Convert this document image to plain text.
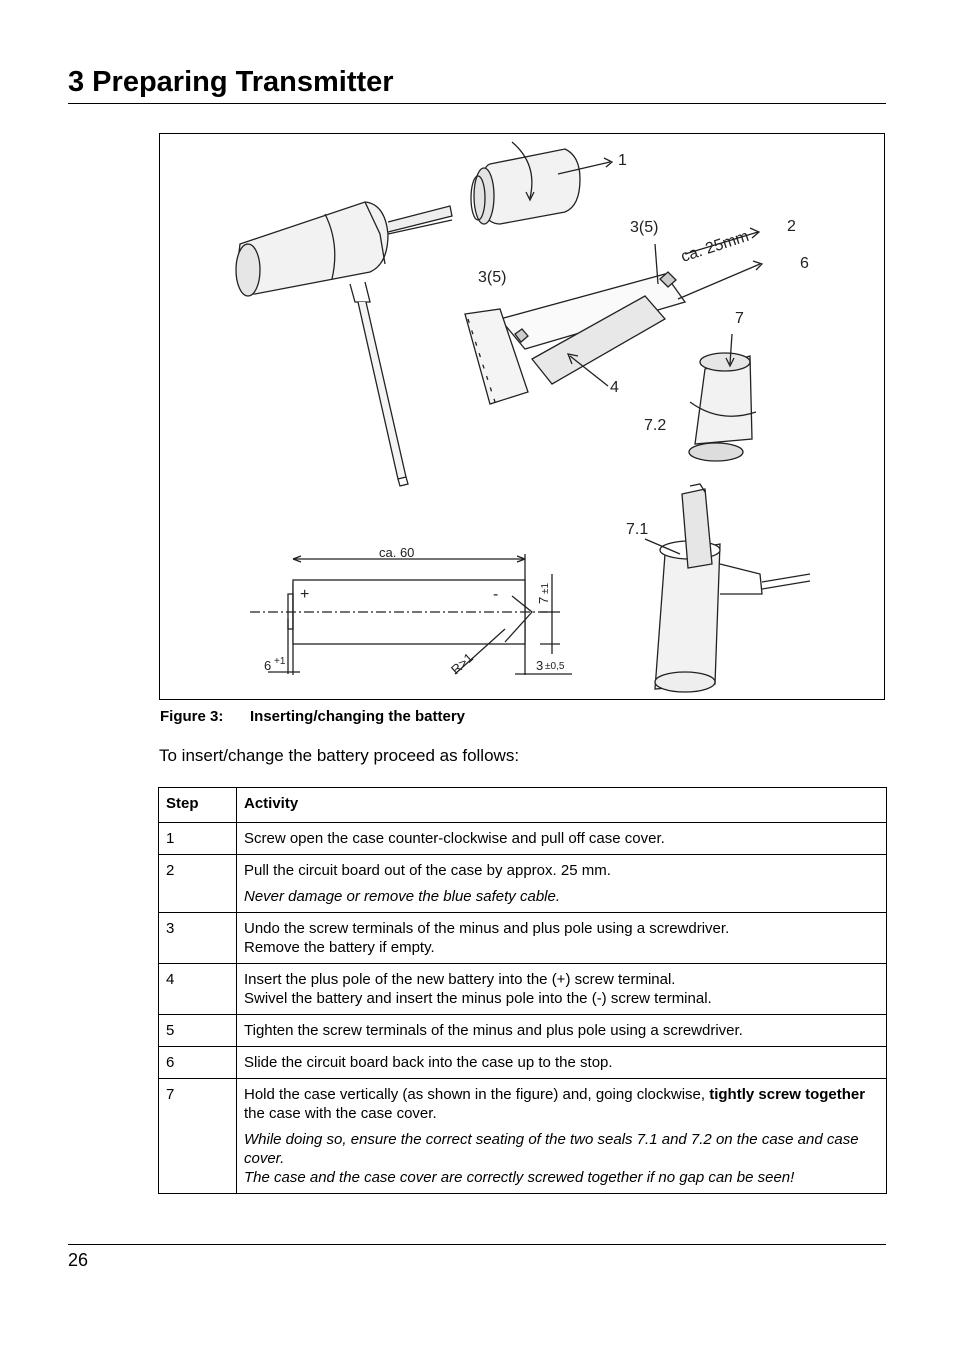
3 Preparing Transmitter
1
2
6
3(5)
3(5)
4
7
7.2
7.1
ca. 25mm
ca. 60
+	-	7
±1
6 +1	3 ±0,5
R>1
Figure 3: Inserting/changing the battery
To insert/change the battery proceed as follows:
Step	Activity
1	Screw open the case counter-clockwise and pull off case cover.

2	Pull the circuit board out of the case by approx. 25 mm.

Never damage or remove the blue safety cable.

3	Undo the screw terminals of the minus and plus pole using a screwdriver.

Remove the battery if empty.

4	Insert the plus pole of the new battery into the (+) screw terminal.

Swivel the battery and insert the minus pole into the (-) screw terminal.

5	Tighten the screw terminals of the minus and plus pole using a screwdriver.

6	Slide the circuit board back into the case up to the stop.

7	Hold the case vertically (as shown in the figure) and, going clockwise, tightly screw together the case with the case cover.

While doing so, ensure the correct seating of the two seals 7.1 and 7.2 on the case and case cover.
The case and the case cover are correctly screwed together if no gap can be seen!

26
